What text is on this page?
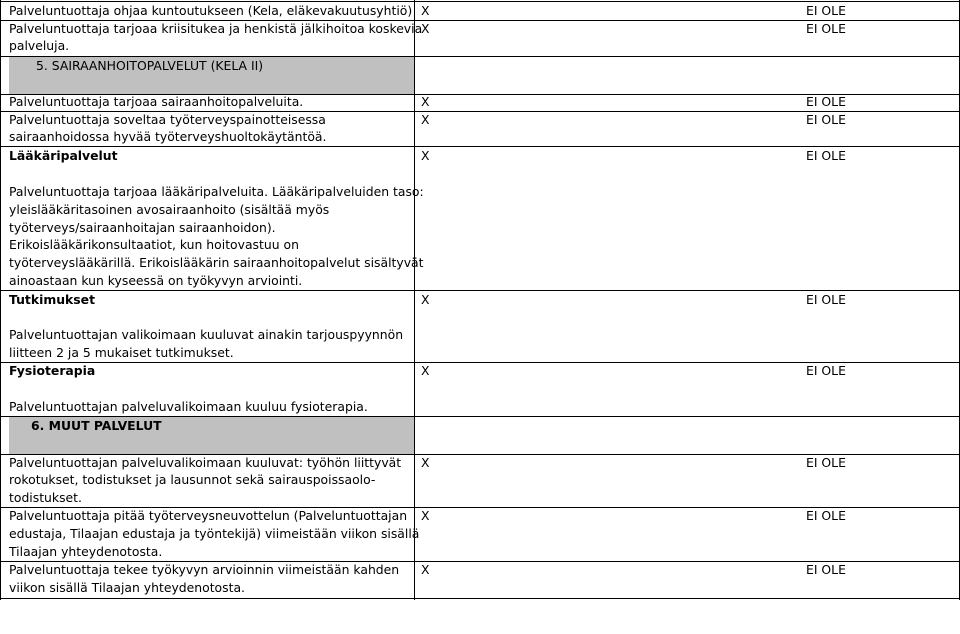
Palveluntuottaja ohjaa kuntoutukseen (Kela, eläkevakuutusyhtiö) X	EI OLE
Palveluntuottaja tarjoaa kriisitukea ja henkistä jälkihoitoa koskevia
palveluja.
X	EI OLE
5. SAIRAANHOITOPALVELUT (KELA II)
Palveluntuottaja tarjoaa sairaanhoitopalveluita.	X	EI OLE
Palveluntuottaja soveltaa työterveyspainotteisessa
sairaanhoidossa hyvää työterveyshuoltokäytäntöä.
X	EI OLE
Lääkäripalvelut	X	EI OLE
Palveluntuottaja tarjoaa lääkäripalveluita. Lääkäripalveluiden taso:
yleislääkäritasoinen avosairaanhoito (sisältää myös
työterveys/sairaanhoitajan sairaanhoidon).
Erikoislääkärikonsultaatiot, kun hoitovastuu on
työterveyslääkärillä. Erikoislääkärin sairaanhoitopalvelut sisältyvät
ainoastaan kun kyseessä on työkyvyn arviointi.
Tutkimukset	X	EI OLE
Palveluntuottajan valikoimaan kuuluvat ainakin tarjouspyynnön
liitteen 2 ja 5 mukaiset tutkimukset.
Fysioterapia	X	EI OLE
Palveluntuottajan palveluvalikoimaan kuuluu fysioterapia.
6. MUUT PALVELUT
Palveluntuottajan palveluvalikoimaan kuuluvat: työhön liittyvät
rokotukset, todistukset ja lausunnot sekä sairauspoissaolo-
todistukset.
X	EI OLE
Palveluntuottaja pitää työterveysneuvottelun (Palveluntuottajan
edustaja, Tilaajan edustaja ja työntekijä) viimeistään viikon sisällä
Tilaajan yhteydenotosta.
X	EI OLE
Palveluntuottaja tekee työkyvyn arvioinnin viimeistään kahden
viikon sisällä Tilaajan yhteydenotosta.
X	EI OLE
